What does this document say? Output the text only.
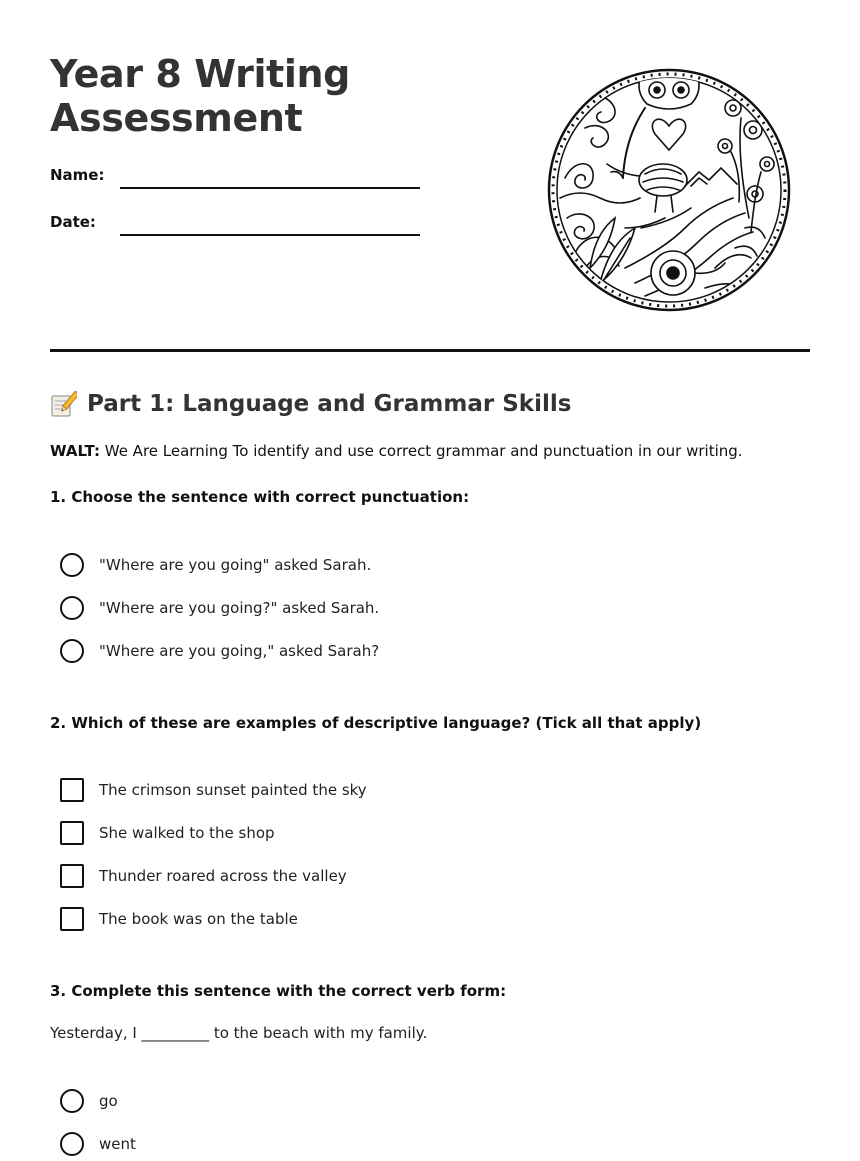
Year 8 Writing
Assessment
Name:
Date:
Part 1: Language and Grammar Skills
WALT: We Are Learning To identify and use correct grammar and punctuation in our writing.
1. Choose the sentence with correct punctuation:
"Where are you going" asked Sarah.
"Where are you going?" asked Sarah.
"Where are you going," asked Sarah?
2. Which of these are examples of descriptive language? (Tick all that apply)
The crimson sunset painted the sky
She walked to the shop
Thunder roared across the valley
The book was on the table
3. Complete this sentence with the correct verb form:
Yesterday, I _________ to the beach with my family.
go
went
